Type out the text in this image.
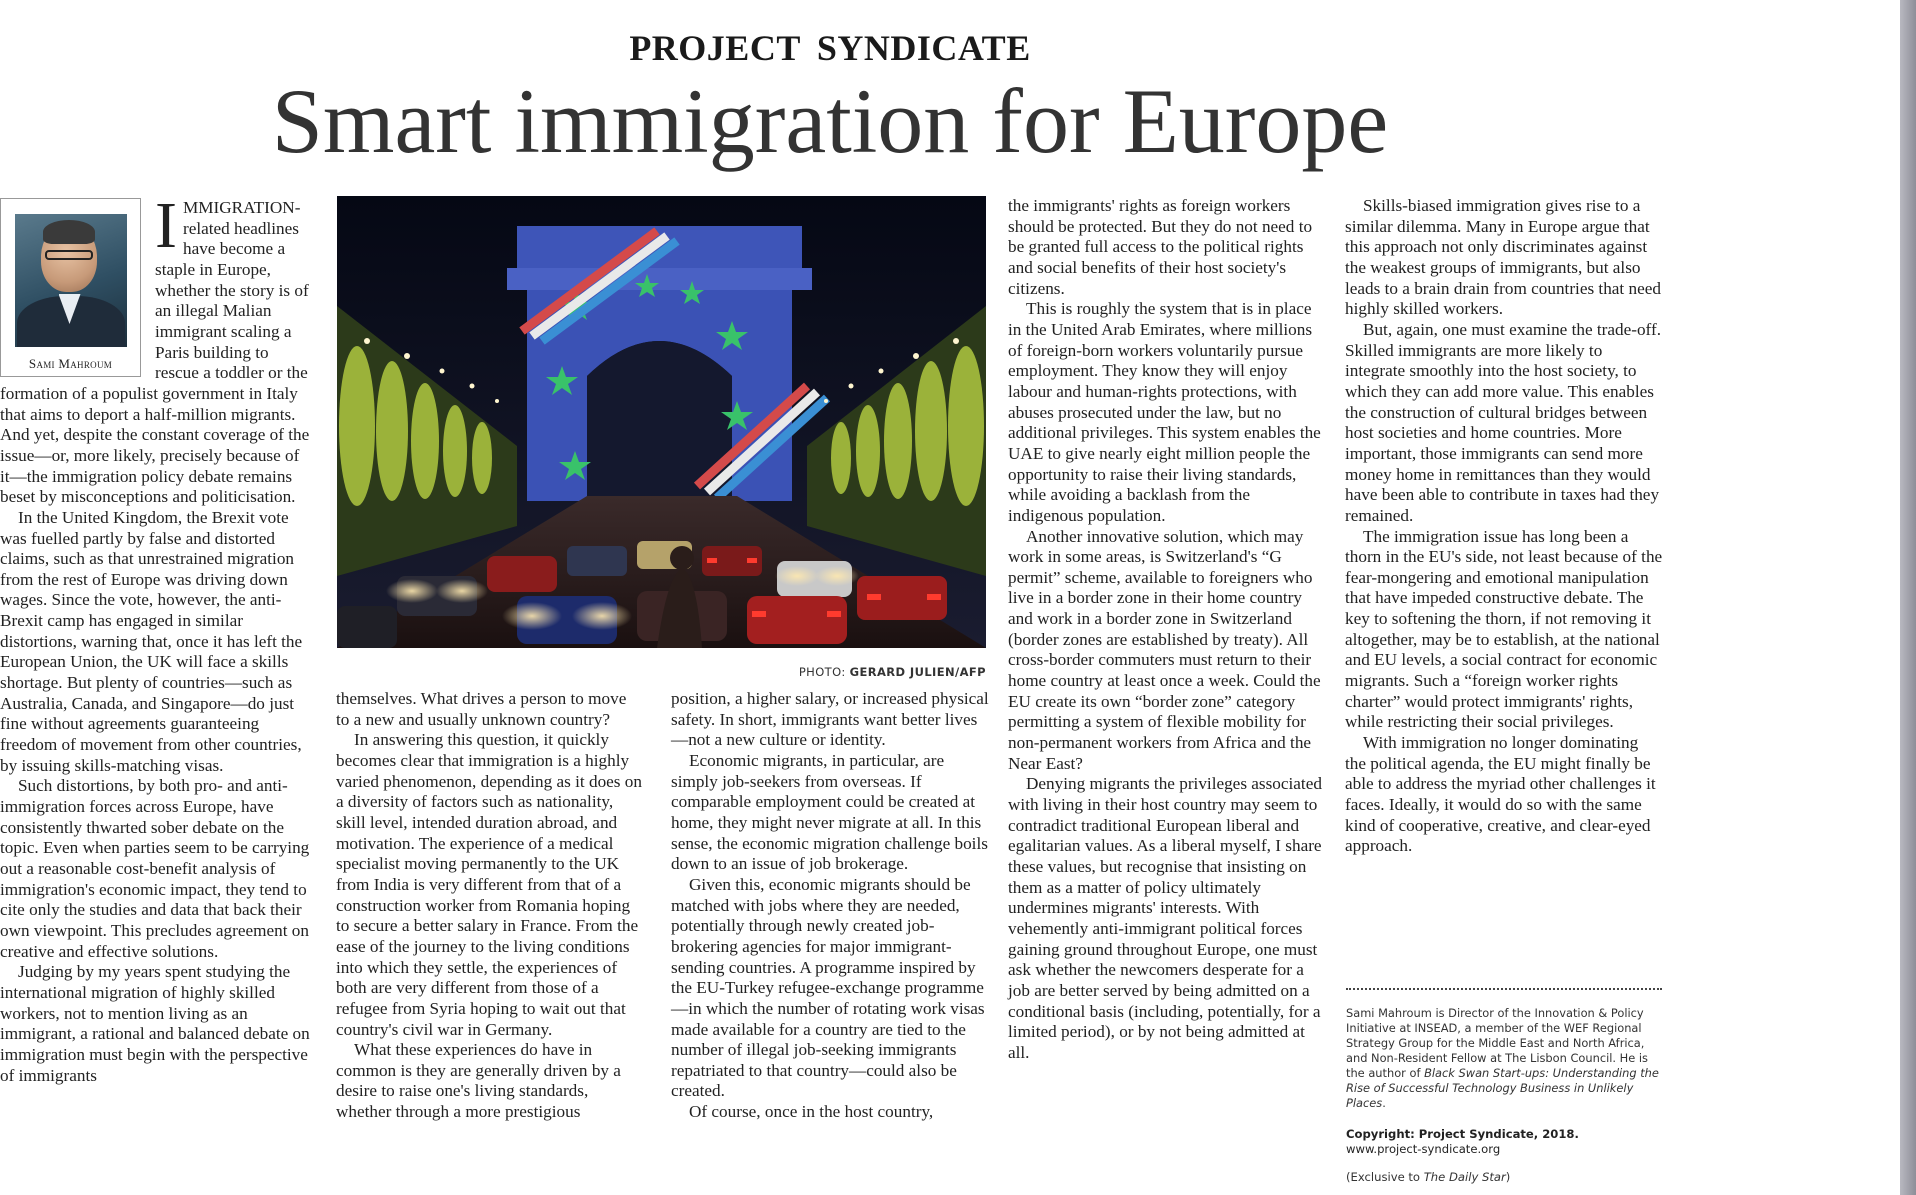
PROJECT SYNDICATE
Smart immigration for Europe
Sami Mahroum

IMMIGRATION- related headlines have become a staple in Europe, whether the story is of an illegal Malian immigrant scaling a Paris building to rescue a toddler or the formation of a populist government in Italy that aims to deport a half-million migrants. And yet, despite the constant coverage of the issue—or, more likely, precisely because of it—the immigration policy debate remains beset by misconceptions and politicisation.

In the United Kingdom, the Brexit vote was fuelled partly by false and distorted claims, such as that unrestrained migration from the rest of Europe was driving down wages. Since the vote, however, the anti-Brexit camp has engaged in similar distortions, warning that, once it has left the European Union, the UK will face a skills shortage. But plenty of countries—such as Australia, Canada, and Singapore—do just fine without agreements guaranteeing freedom of movement from other countries, by issuing skills-matching visas.

Such distortions, by both pro- and anti- immigration forces across Europe, have consistently thwarted sober debate on the topic. Even when parties seem to be carrying out a reasonable cost-benefit analysis of immigration's economic impact, they tend to cite only the studies and data that back their own viewpoint. This precludes agreement on creative and effective solutions.

Judging by my years spent studying the international migration of highly skilled workers, not to mention living as an immigrant, a rational and balanced debate on immigration must begin with the perspective of immigrants

PHOTO: GERARD JULIEN/AFP

themselves. What drives a person to move to a new and usually unknown country?

In answering this question, it quickly becomes clear that immigration is a highly varied phenomenon, depending as it does on a diversity of factors such as nationality, skill level, intended duration abroad, and motivation. The experience of a medical specialist moving permanently to the UK from India is very different from that of a construction worker from Romania hoping to secure a better salary in France. From the ease of the journey to the living conditions into which they settle, the experiences of both are very different from those of a refugee from Syria hoping to wait out that country's civil war in Germany.

What these experiences do have in common is they are generally driven by a desire to raise one's living standards, whether through a more prestigious

position, a higher salary, or increased physical safety. In short, immigrants want better lives—not a new culture or identity.

Economic migrants, in particular, are simply job-seekers from overseas. If comparable employment could be created at home, they might never migrate at all. In this sense, the economic migration challenge boils down to an issue of job brokerage.

Given this, economic migrants should be matched with jobs where they are needed, potentially through newly created job-brokering agencies for major immigrant-sending countries. A programme inspired by the EU-Turkey refugee-exchange programme—in which the number of rotating work visas made available for a country are tied to the number of illegal job-seeking immigrants repatriated to that country—could also be created.

Of course, once in the host country,

the immigrants' rights as foreign workers should be protected. But they do not need to be granted full access to the political rights and social benefits of their host society's citizens.

This is roughly the system that is in place in the United Arab Emirates, where millions of foreign-born workers voluntarily pursue employment. They know they will enjoy labour and human-rights protections, with abuses prosecuted under the law, but no additional privileges. This system enables the UAE to give nearly eight million people the opportunity to raise their living standards, while avoiding a backlash from the indigenous population.

Another innovative solution, which may work in some areas, is Switzerland's “G permit” scheme, available to foreigners who live in a border zone in their home country and work in a border zone in Switzerland (border zones are established by treaty). All cross-border commuters must return to their home country at least once a week. Could the EU create its own “border zone” category permitting a system of flexible mobility for non-permanent workers from Africa and the Near East?

Denying migrants the privileges associated with living in their host country may seem to contradict traditional European liberal and egalitarian values. As a liberal myself, I share these values, but recognise that insisting on them as a matter of policy ultimately undermines migrants' interests. With vehemently anti-immigrant political forces gaining ground throughout Europe, one must ask whether the newcomers desperate for a job are better served by being admitted on a conditional basis (including, potentially, for a limited period), or by not being admitted at all.

Skills-biased immigration gives rise to a similar dilemma. Many in Europe argue that this approach not only discriminates against the weakest groups of immigrants, but also leads to a brain drain from countries that need highly skilled workers.

But, again, one must examine the trade-off. Skilled immigrants are more likely to integrate smoothly into the host society, to which they can add more value. This enables the construction of cultural bridges between host societies and home countries. More important, those immigrants can send more money home in remittances than they would have been able to contribute in taxes had they remained.

The immigration issue has long been a thorn in the EU's side, not least because of the fear-mongering and emotional manipulation that have impeded constructive debate. The key to softening the thorn, if not removing it altogether, may be to establish, at the national and EU levels, a social contract for economic migrants. Such a “foreign worker rights charter” would protect immigrants' rights, while restricting their social privileges.

With immigration no longer dominating the political agenda, the EU might finally be able to address the myriad other challenges it faces. Ideally, it would do so with the same kind of cooperative, creative, and clear-eyed approach.

Sami Mahroum is Director of the Innovation & Policy Initiative at INSEAD, a member of the WEF Regional Strategy Group for the Middle East and North Africa, and Non-Resident Fellow at The Lisbon Council. He is the author of Black Swan Start-ups: Understanding the Rise of Successful Technology Business in Unlikely Places.
Copyright: Project Syndicate, 2018.
www.project-syndicate.org
(Exclusive to The Daily Star)
